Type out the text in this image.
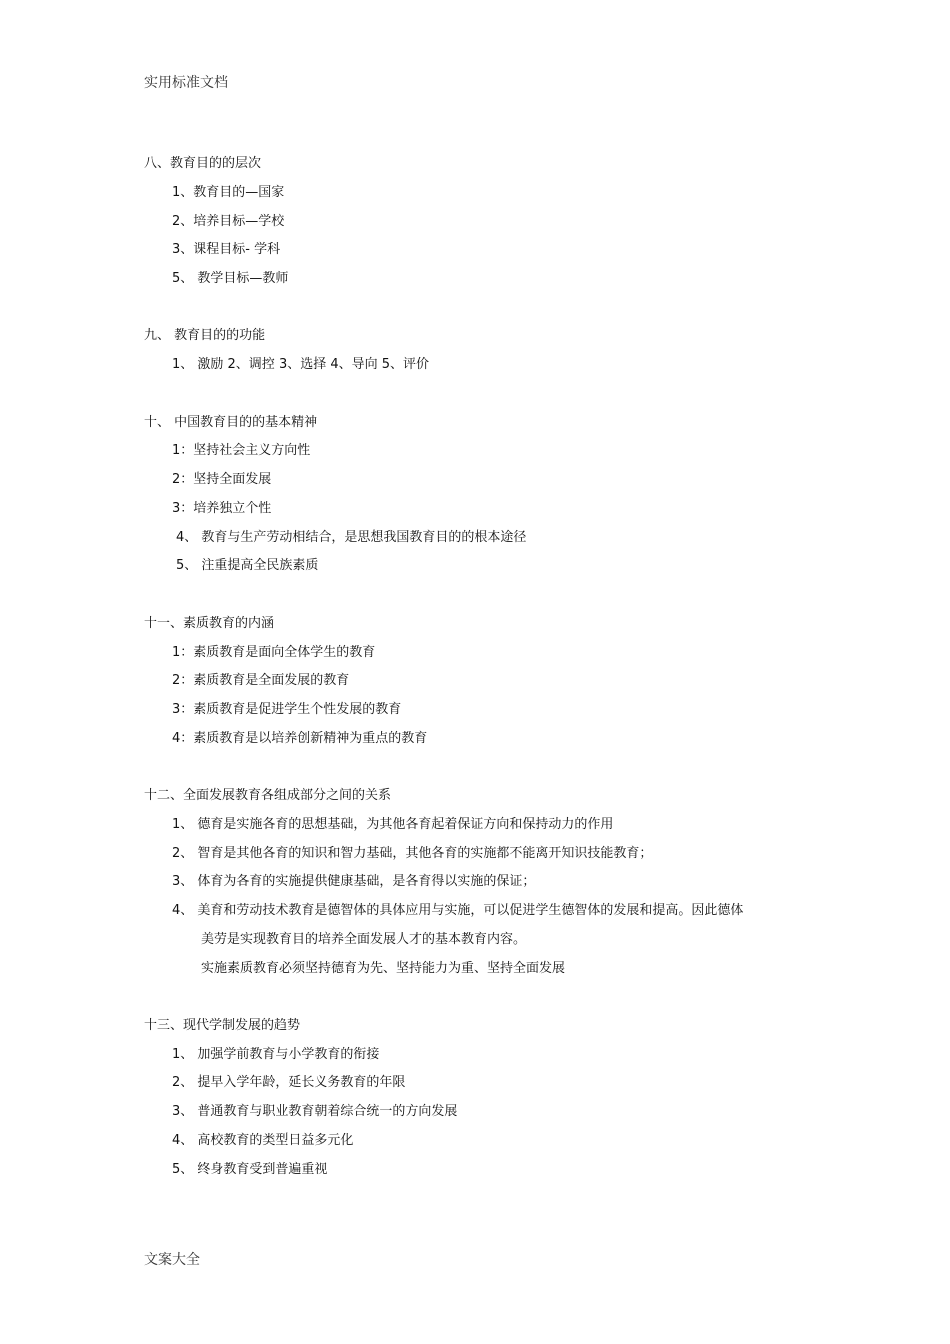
实用标准文档
八、教育目的的层次
1、教育目的—国家
2、培养目标—学校
3、课程目标- 学科
5、 教学目标—教师
九、 教育目的的功能
1、 激励 2、调控 3、选择 4、导向 5、评价
十、 中国教育目的的基本精神
1：坚持社会主义方向性
2：坚持全面发展
3：培养独立个性
4、 教育与生产劳动相结合，是思想我国教育目的的根本途径
5、 注重提高全民族素质
十一、素质教育的内涵
1：素质教育是面向全体学生的教育
2：素质教育是全面发展的教育
3：素质教育是促进学生个性发展的教育
4：素质教育是以培养创新精神为重点的教育
十二、全面发展教育各组成部分之间的关系
1、 德育是实施各育的思想基础，为其他各育起着保证方向和保持动力的作用
2、 智育是其他各育的知识和智力基础，其他各育的实施都不能离开知识技能教育；
3、 体育为各育的实施提供健康基础，是各育得以实施的保证；
4、 美育和劳动技术教育是德智体的具体应用与实施，可以促进学生德智体的发展和提高。因此德体
美劳是实现教育目的培养全面发展人才的基本教育内容。
实施素质教育必须坚持德育为先、坚持能力为重、坚持全面发展
十三、现代学制发展的趋势
1、 加强学前教育与小学教育的衔接
2、 提早入学年龄，延长义务教育的年限
3、 普通教育与职业教育朝着综合统一的方向发展
4、 高校教育的类型日益多元化
5、 终身教育受到普遍重视
文案大全
